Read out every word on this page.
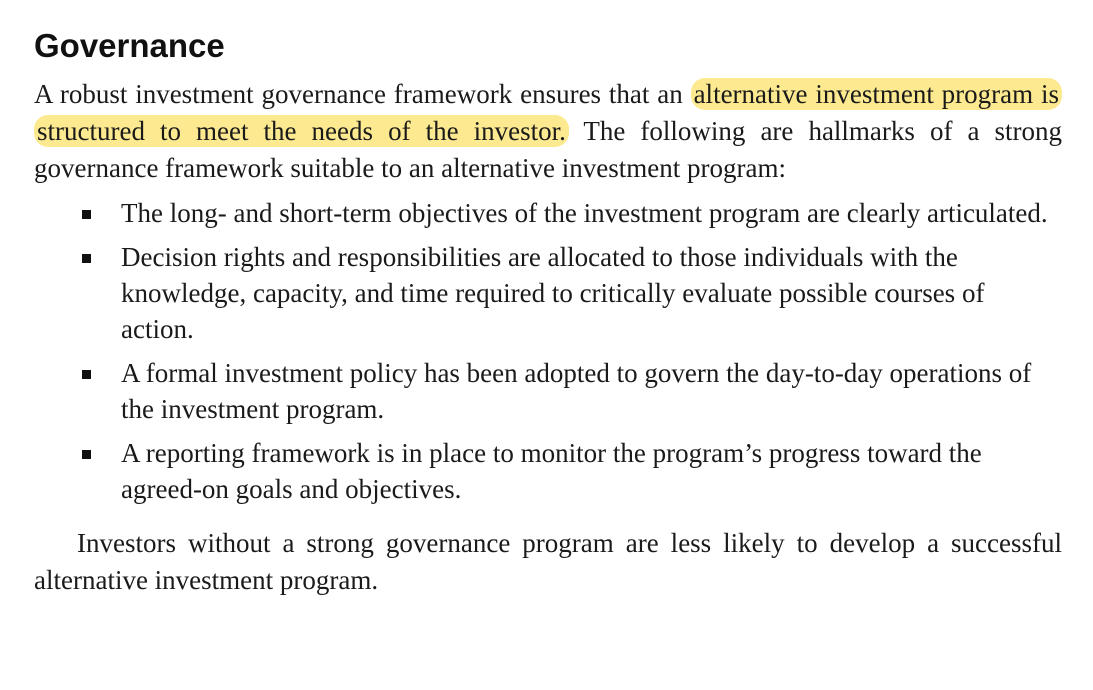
Governance

A robust investment governance framework ensures that an alternative investment program is structured to meet the needs of the investor. The following are hallmarks of a strong governance framework suitable to an alternative investment program:

The long- and short-term objectives of the investment program are clearly articulated.
Decision rights and responsibilities are allocated to those individuals with the knowledge, capacity, and time required to critically evaluate possible courses of action.
A formal investment policy has been adopted to govern the day-to-day operations of the investment program.
A reporting framework is in place to monitor the program’s progress toward the agreed-on goals and objectives.

Investors without a strong governance program are less likely to develop a successful alternative investment program.
